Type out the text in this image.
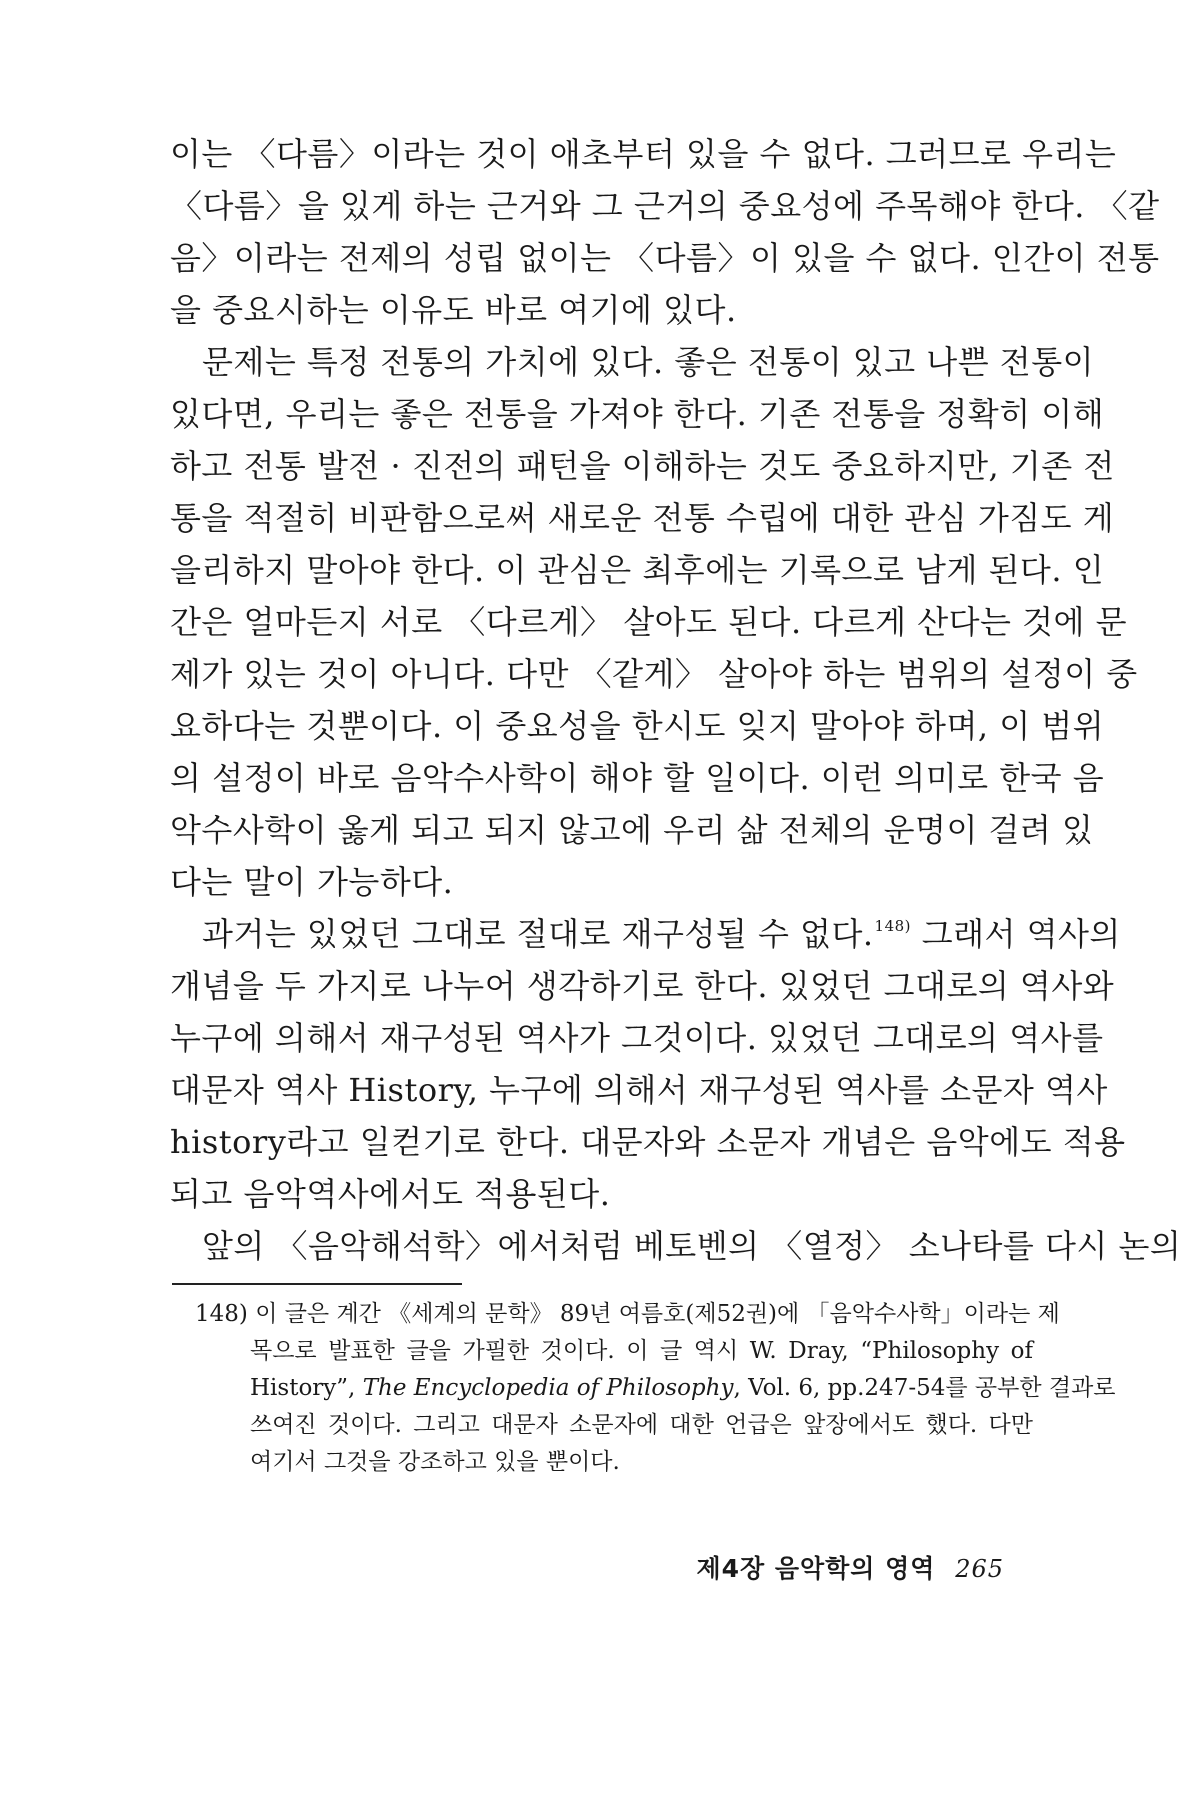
이는 〈다름〉이라는 것이 애초부터 있을 수 없다. 그러므로 우리는
〈다름〉을 있게 하는 근거와 그 근거의 중요성에 주목해야 한다. 〈같
음〉이라는 전제의 성립 없이는 〈다름〉이 있을 수 없다. 인간이 전통
을 중요시하는 이유도 바로 여기에 있다.
문제는 특정 전통의 가치에 있다. 좋은 전통이 있고 나쁜 전통이
있다면, 우리는 좋은 전통을 가져야 한다. 기존 전통을 정확히 이해
하고 전통 발전 · 진전의 패턴을 이해하는 것도 중요하지만, 기존 전
통을 적절히 비판함으로써 새로운 전통 수립에 대한 관심 가짐도 게
을리하지 말아야 한다. 이 관심은 최후에는 기록으로 남게 된다. 인
간은 얼마든지 서로 〈다르게〉 살아도 된다. 다르게 산다는 것에 문
제가 있는 것이 아니다. 다만 〈같게〉 살아야 하는 범위의 설정이 중
요하다는 것뿐이다. 이 중요성을 한시도 잊지 말아야 하며, 이 범위
의 설정이 바로 음악수사학이 해야 할 일이다. 이런 의미로 한국 음
악수사학이 옳게 되고 되지 않고에 우리 삶 전체의 운명이 걸려 있
다는 말이 가능하다.
과거는 있었던 그대로 절대로 재구성될 수 없다.$^{148)}$ 그래서 역사의
개념을 두 가지로 나누어 생각하기로 한다. 있었던 그대로의 역사와
누구에 의해서 재구성된 역사가 그것이다. 있었던 그대로의 역사를
대문자 역사 History, 누구에 의해서 재구성된 역사를 소문자 역사
history라고 일컫기로 한다. 대문자와 소문자 개념은 음악에도 적용
되고 음악역사에서도 적용된다.
앞의 〈음악해석학〉에서처럼 베토벤의 〈열정〉 소나타를 다시 논의
148) 이 글은 계간 《세계의 문학》 89년 여름호(제52권)에 「음악수사학」이라는 제
목으로 발표한 글을 가필한 것이다. 이 글 역시 W. Dray, “Philosophy of
History”, The Encyclopedia of Philosophy, Vol. 6, pp.247-54를 공부한 결과로
쓰여진 것이다. 그리고 대문자 소문자에 대한 언급은 앞장에서도 했다. 다만
여기서 그것을 강조하고 있을 뿐이다.
제4장 음악학의 영역 265
